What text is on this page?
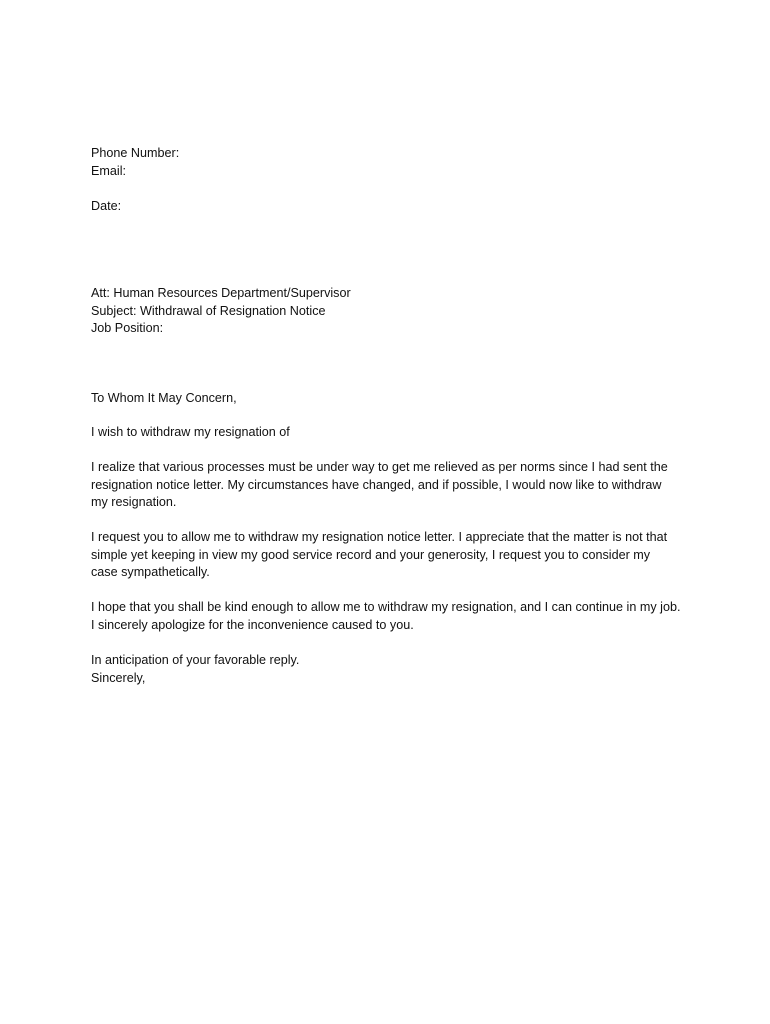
Phone Number:
Email:
Date:
Att: Human Resources Department/Supervisor
Subject: Withdrawal of Resignation Notice
Job Position:
To Whom It May Concern,
I wish to withdraw my resignation of
I realize that various processes must be under way to get me relieved as per norms since I had sent the
resignation notice letter. My circumstances have changed, and if possible, I would now like to withdraw
my resignation.
I request you to allow me to withdraw my resignation notice letter. I appreciate that the matter is not that
simple yet keeping in view my good service record and your generosity, I request you to consider my
case sympathetically.
I hope that you shall be kind enough to allow me to withdraw my resignation, and I can continue in my job.
I sincerely apologize for the inconvenience caused to you.
In anticipation of your favorable reply.
Sincerely,
